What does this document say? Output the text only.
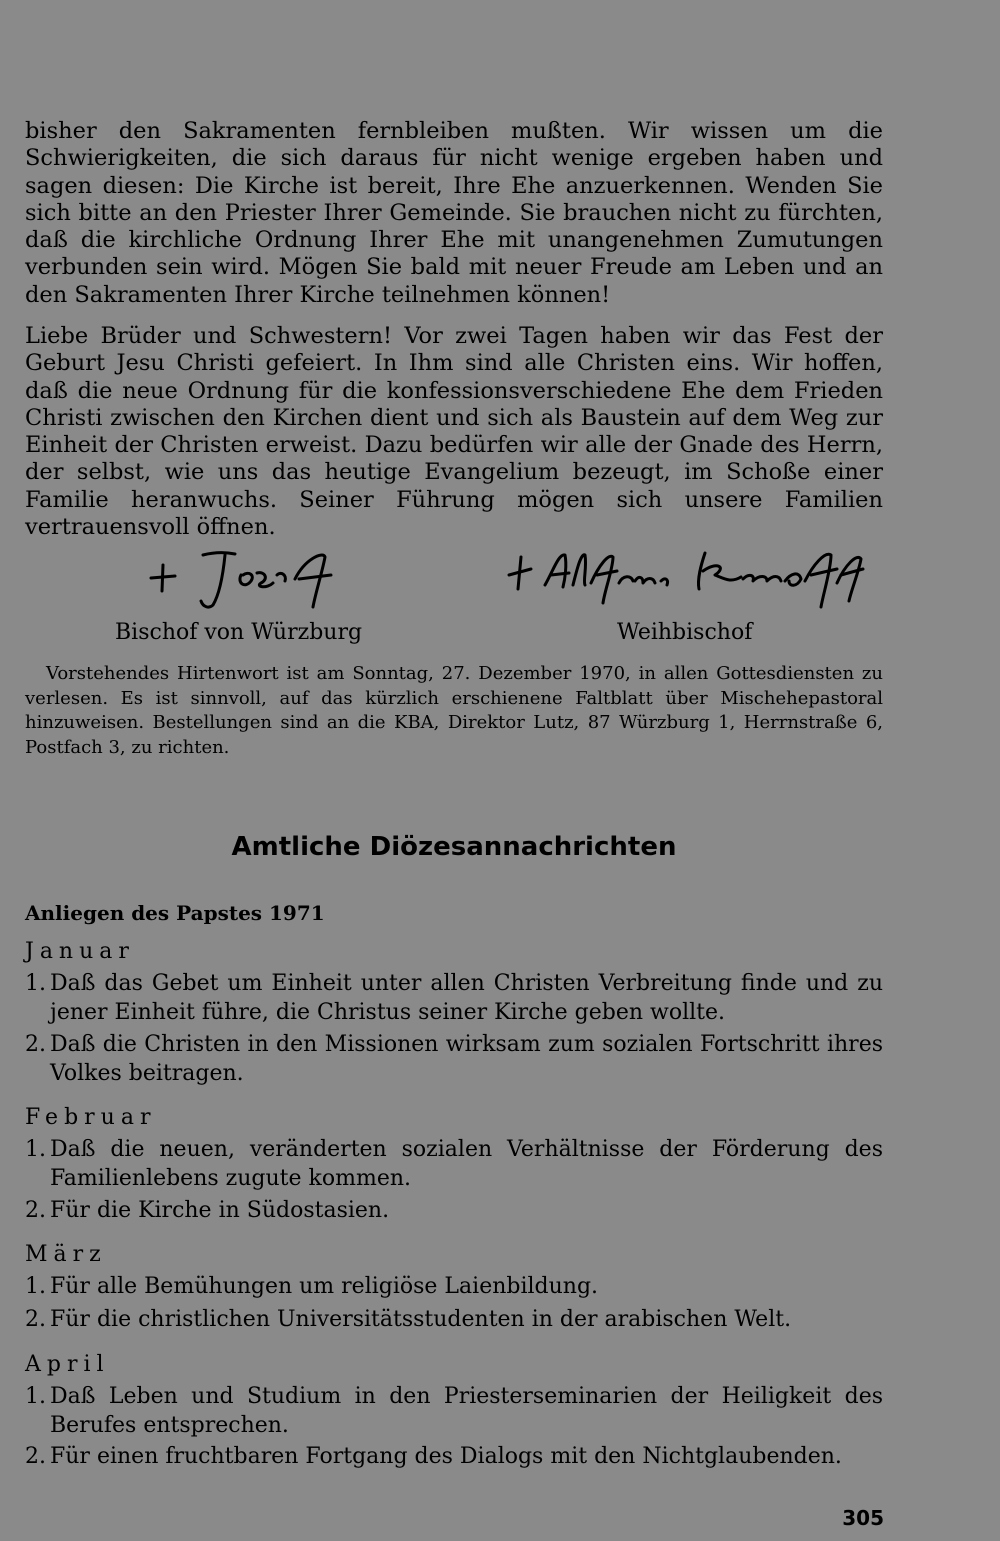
bisher den Sakramenten fernbleiben mußten. Wir wissen um die Schwierigkeiten, die sich daraus für nicht wenige ergeben haben und sagen diesen: Die Kirche ist bereit, Ihre Ehe anzuerkennen. Wenden Sie sich bitte an den Priester Ihrer Gemeinde. Sie brauchen nicht zu fürchten, daß die kirchliche Ordnung Ihrer Ehe mit unangenehmen Zumutungen verbunden sein wird. Mögen Sie bald mit neuer Freude am Leben und an den Sakramenten Ihrer Kirche teilnehmen können!

Liebe Brüder und Schwestern! Vor zwei Tagen haben wir das Fest der Geburt Jesu Christi gefeiert. In Ihm sind alle Christen eins. Wir hoffen, daß die neue Ordnung für die konfessionsverschiedene Ehe dem Frieden Christi zwischen den Kirchen dient und sich als Baustein auf dem Weg zur Einheit der Christen erweist. Dazu bedürfen wir alle der Gnade des Herrn, der selbst, wie uns das heutige Evangelium bezeugt, im Schoße einer Familie heranwuchs. Seiner Führung mögen sich unsere Familien vertrauensvoll öffnen.

Bischof von Würzburg	Weihbischof

Vorstehendes Hirtenwort ist am Sonntag, 27. Dezember 1970, in allen Gottesdiensten zu verlesen. Es ist sinnvoll, auf das kürzlich erschienene Faltblatt über Mischehepastoral hinzuweisen. Bestellungen sind an die KBA, Direktor Lutz, 87 Würzburg 1, Herrnstraße 6, Postfach 3, zu richten.

Amtliche Diözesannachrichten
Anliegen des Papstes 1971
Januar
1. Daß das Gebet um Einheit unter allen Christen Verbreitung finde und zu jener Einheit führe, die Christus seiner Kirche geben wollte.
2. Daß die Christen in den Missionen wirksam zum sozialen Fortschritt ihres Volkes beitragen.
Februar
1. Daß die neuen, veränderten sozialen Verhältnisse der Förderung des Familienlebens zugute kommen.
2. Für die Kirche in Südostasien.
März
1. Für alle Bemühungen um religiöse Laienbildung.
2. Für die christlichen Universitätsstudenten in der arabischen Welt.
April
1. Daß Leben und Studium in den Priesterseminarien der Heiligkeit des Berufes entsprechen.
2. Für einen fruchtbaren Fortgang des Dialogs mit den Nichtglaubenden.
305
